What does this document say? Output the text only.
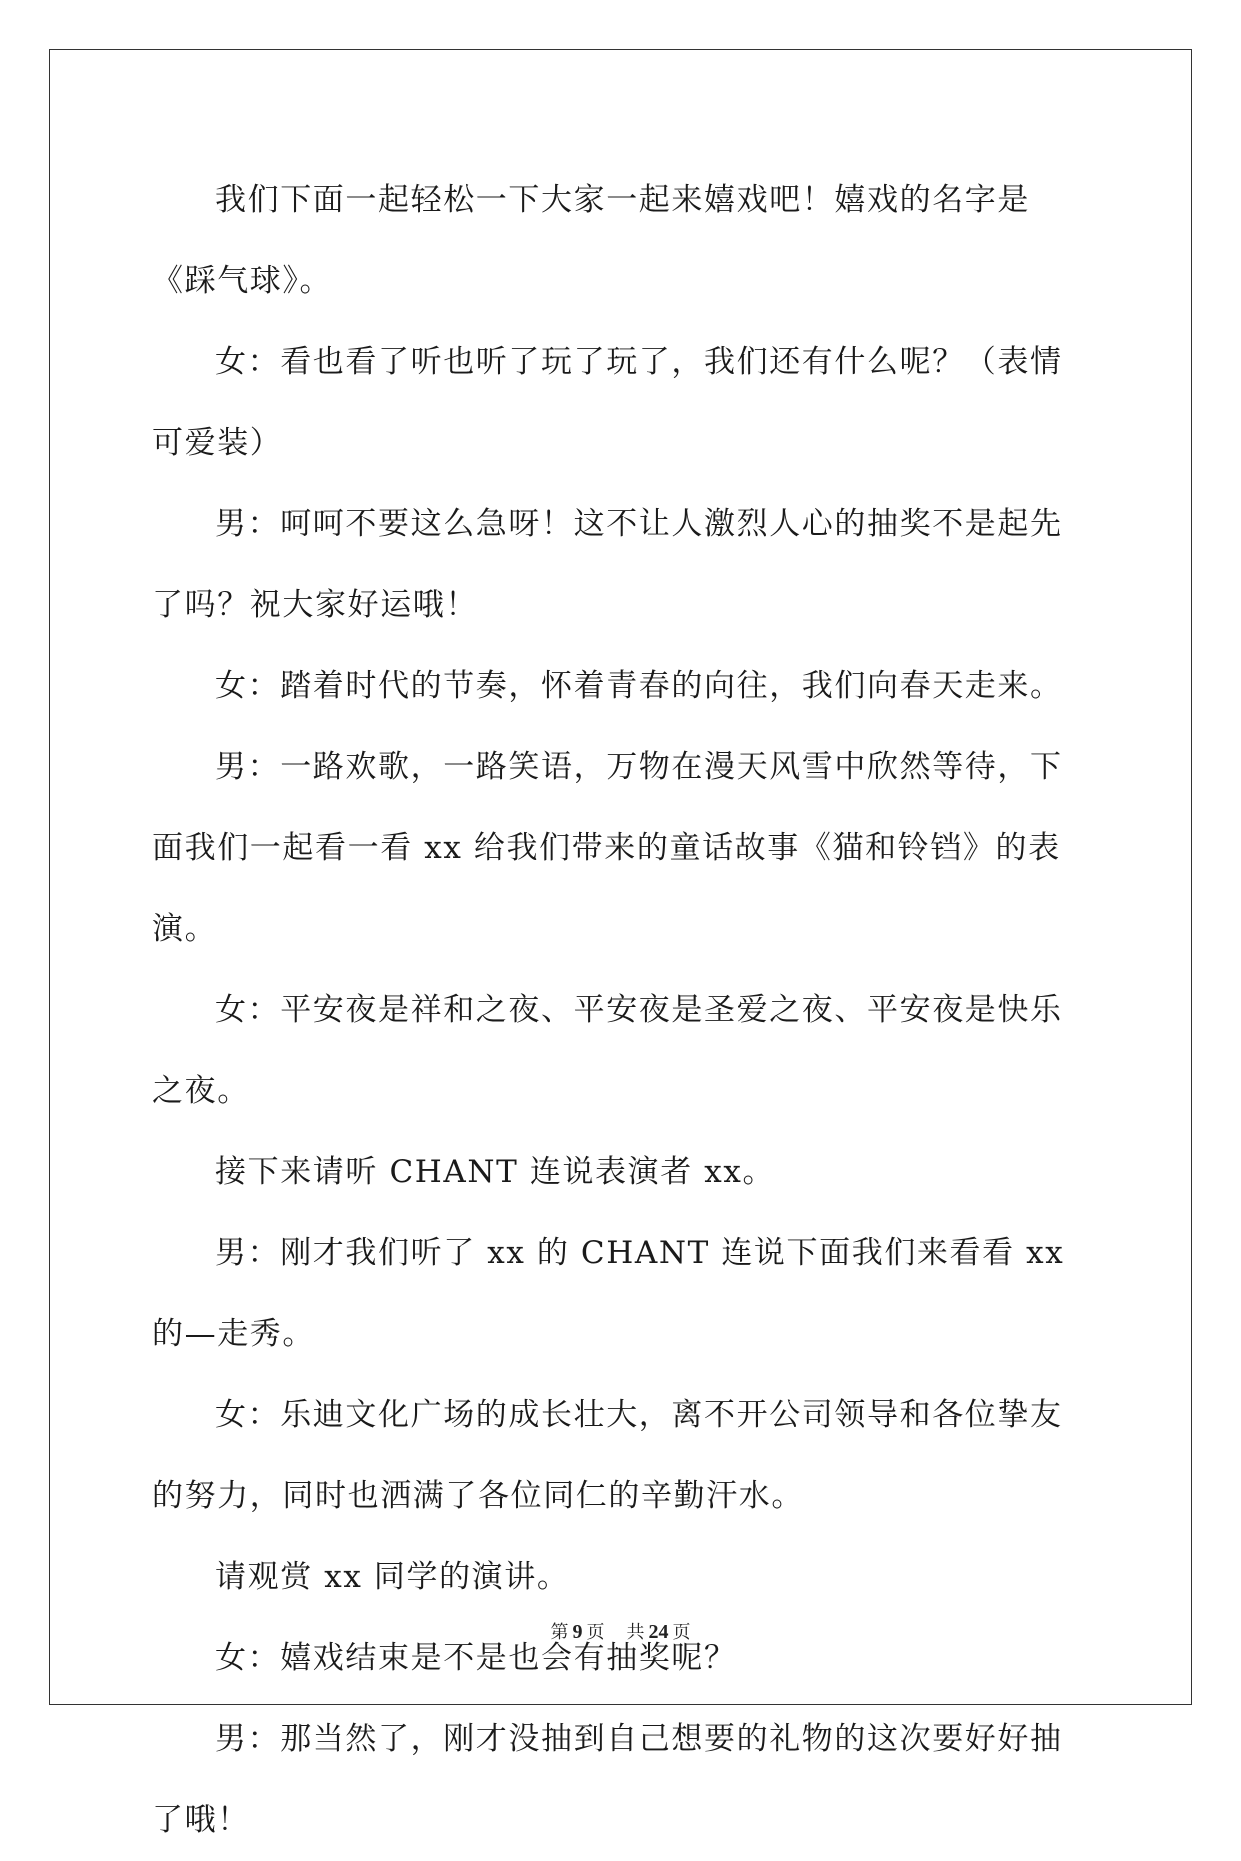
我们下面一起轻松一下大家一起来嬉戏吧！嬉戏的名字是《踩气球》。

女：看也看了听也听了玩了玩了，我们还有什么呢？（表情可爱装）

男：呵呵不要这么急呀！这不让人激烈人心的抽奖不是起先了吗？祝大家好运哦！

女：踏着时代的节奏，怀着青春的向往，我们向春天走来。

男：一路欢歌，一路笑语，万物在漫天风雪中欣然等待，下面我们一起看一看 xx 给我们带来的童话故事《猫和铃铛》的表演。

女：平安夜是祥和之夜、平安夜是圣爱之夜、平安夜是快乐之夜。

接下来请听 CHANT 连说表演者 xx。

男：刚才我们听了 xx 的 CHANT 连说下面我们来看看 xx 的—走秀。

女：乐迪文化广场的成长壮大，离不开公司领导和各位挚友的努力，同时也洒满了各位同仁的辛勤汗水。

请观赏 xx 同学的演讲。

女：嬉戏结束是不是也会有抽奖呢？

男：那当然了，刚才没抽到自己想要的礼物的这次要好好抽了哦！

第 9 页 共 24 页
